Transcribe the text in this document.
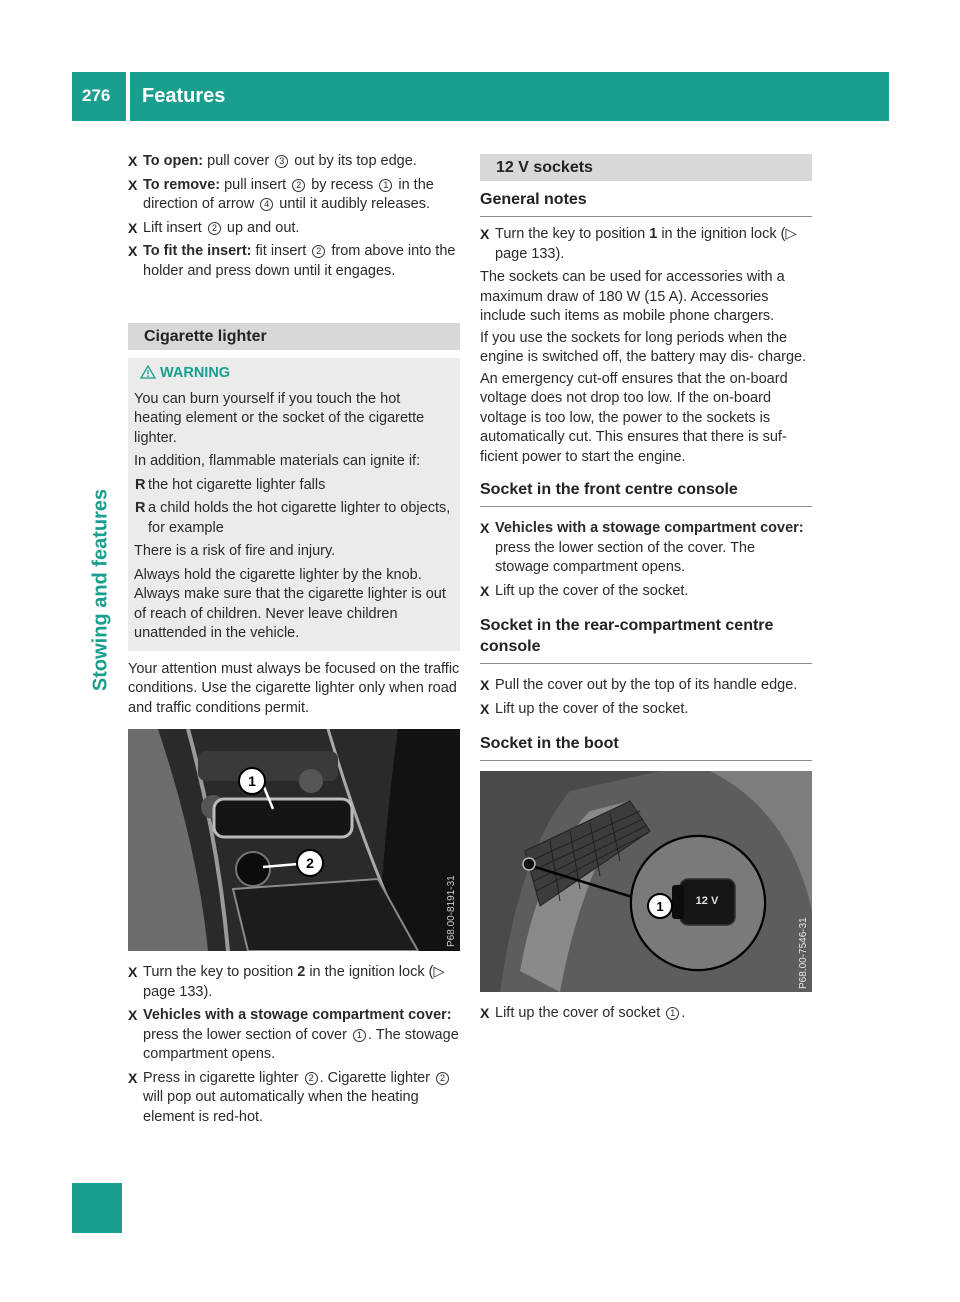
276 Features
Stowing and features
X To open: pull cover 3 out by its top edge.
X To remove: pull insert 2 by recess 1 in the direction of arrow 4 until it audibly releases.
X Lift insert 2 up and out.
X To fit the insert: fit insert 2 from above into the holder and press down until it engages.
Cigarette lighter
WARNING

You can burn yourself if you touch the hot heating element or the socket of the cigarette lighter.

In addition, flammable materials can ignite if:

R the hot cigarette lighter falls
R a child holds the hot cigarette lighter to objects, for example

There is a risk of fire and injury.

Always hold the cigarette lighter by the knob. Always make sure that the cigarette lighter is out of reach of children. Never leave children unattended in the vehicle.

Your attention must always be focused on the traffic conditions. Use the cigarette lighter only when road and traffic conditions permit.

1
2
P68.00-8191-31
X Turn the key to position 2 in the ignition lock (▷ page 133).
X Vehicles with a stowage compartment cover: press the lower section of cover 1 . The stowage compartment opens.
X Press in cigarette lighter 2 . Cigarette lighter 2 will pop out automatically when the heating element is red-hot.
12 V sockets
General notes
X Turn the key to position 1 in the ignition lock (▷ page 133).

The sockets can be used for accessories with a maximum draw of 180 W (15 A). Accessories include such items as mobile phone chargers.

If you use the sockets for long periods when the engine is switched off, the battery may dis- charge.

An emergency cut-off ensures that the on-board voltage does not drop too low. If the on-board voltage is too low, the power to the sockets is automatically cut. This ensures that there is suf- ficient power to start the engine.

Socket in the front centre console
X Vehicles with a stowage compartment cover: press the lower section of the cover. The stowage compartment opens.
X Lift up the cover of the socket.
Socket in the rear-compartment centre console
X Pull the cover out by the top of its handle edge.
X Lift up the cover of the socket.
Socket in the boot
12 V
1
P68.00-7546-31
X Lift up the cover of socket 1 .
